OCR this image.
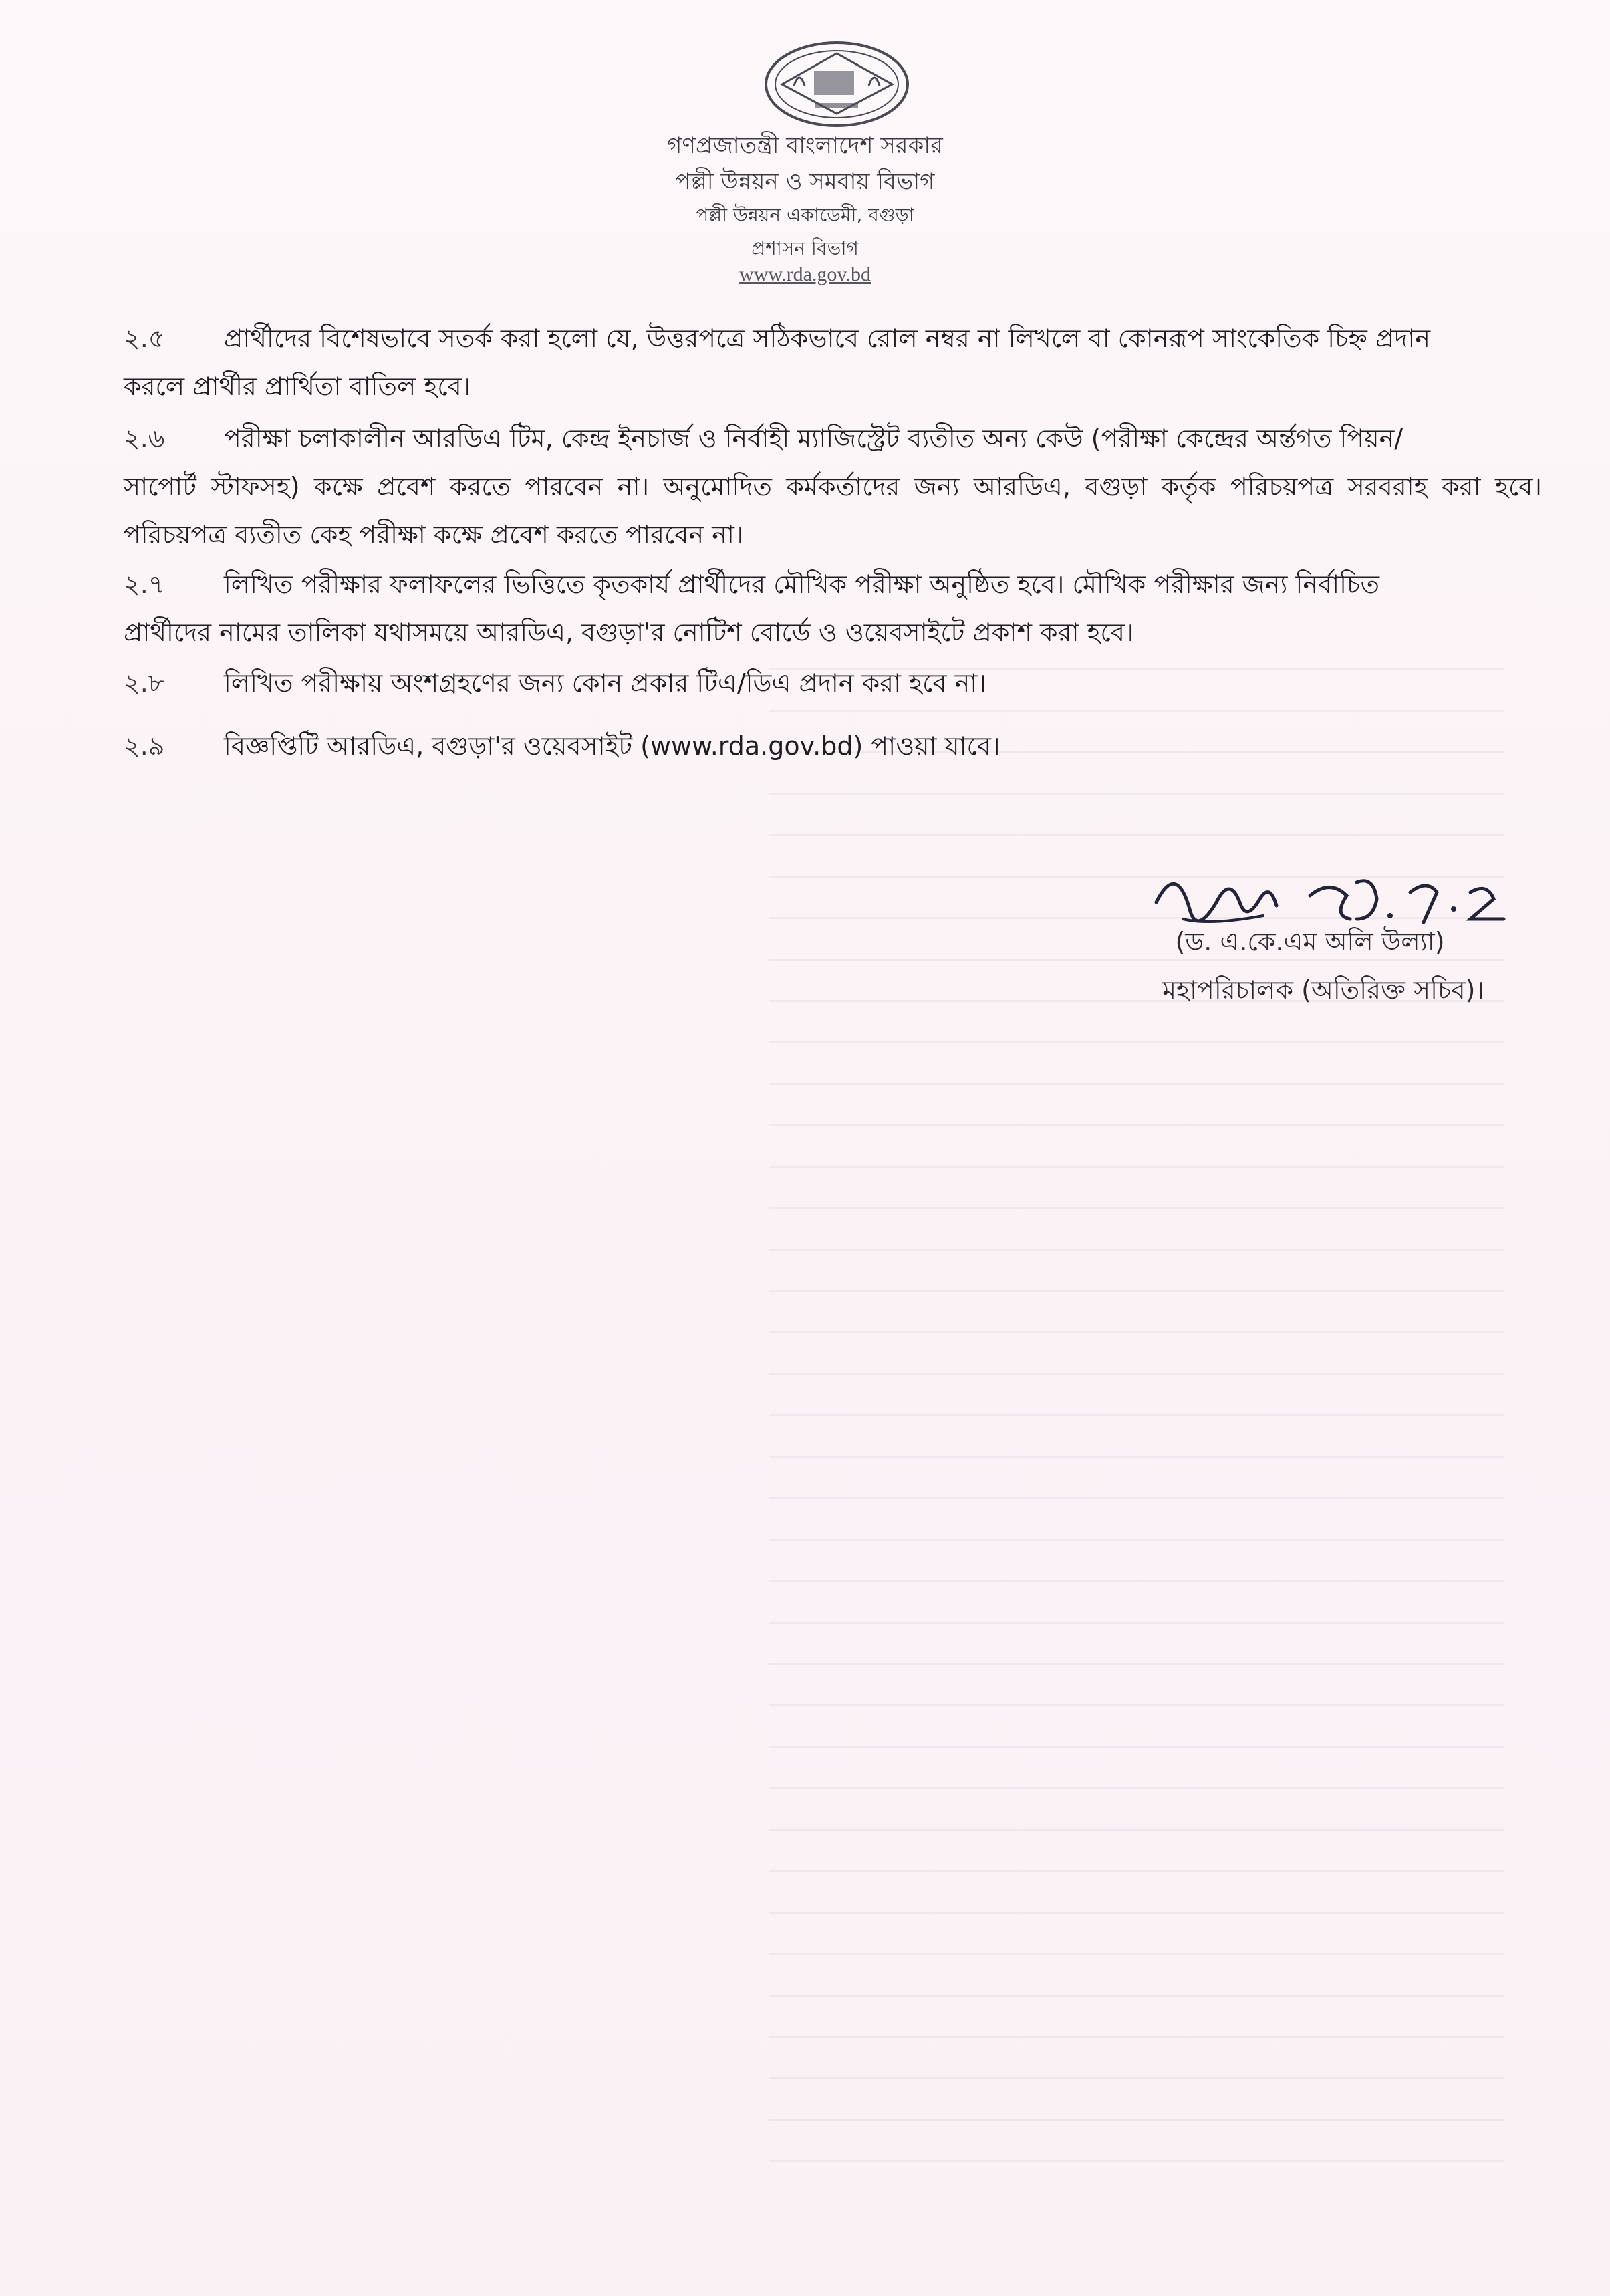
গণপ্রজাতন্ত্রী বাংলাদেশ সরকার
পল্লী উন্নয়ন ও সমবায় বিভাগ
পল্লী উন্নয়ন একাডেমী, বগুড়া
প্রশাসন বিভাগ
www.rda.gov.bd

২.৫ প্রার্থীদের বিশেষভাবে সতর্ক করা হলো যে, উত্তরপত্রে সঠিকভাবে রোল নম্বর না লিখলে বা কোনরূপ সাংকেতিক চিহ্ন প্রদান

করলে প্রার্থীর প্রার্থিতা বাতিল হবে।

২.৬ পরীক্ষা চলাকালীন আরডিএ টিম, কেন্দ্র ইনচার্জ ও নির্বাহী ম্যাজিস্ট্রেট ব্যতীত অন্য কেউ (পরীক্ষা কেন্দ্রের অর্ন্তগত পিয়ন/

সাপোর্ট স্টাফসহ) কক্ষে প্রবেশ করতে পারবেন না। অনুমোদিত কর্মকর্তাদের জন্য আরডিএ, বগুড়া কর্তৃক পরিচয়পত্র সরবরাহ করা হবে। পরিচয়পত্র ব্যতীত কেহ পরীক্ষা কক্ষে প্রবেশ করতে পারবেন না।

২.৭ লিখিত পরীক্ষার ফলাফলের ভিত্তিতে কৃতকার্য প্রার্থীদের মৌখিক পরীক্ষা অনুষ্ঠিত হবে। মৌখিক পরীক্ষার জন্য নির্বাচিত

প্রার্থীদের নামের তালিকা যথাসময়ে আরডিএ, বগুড়া'র নোটিশ বোর্ডে ও ওয়েবসাইটে প্রকাশ করা হবে।

২.৮ লিখিত পরীক্ষায় অংশগ্রহণের জন্য কোন প্রকার টিএ/ডিএ প্রদান করা হবে না।

২.৯ বিজ্ঞপ্তিটি আরডিএ, বগুড়া'র ওয়েবসাইট (www.rda.gov.bd) পাওয়া যাবে।

(ড. এ.কে.এম অলি উল্যা)
মহাপরিচালক (অতিরিক্ত সচিব)।
